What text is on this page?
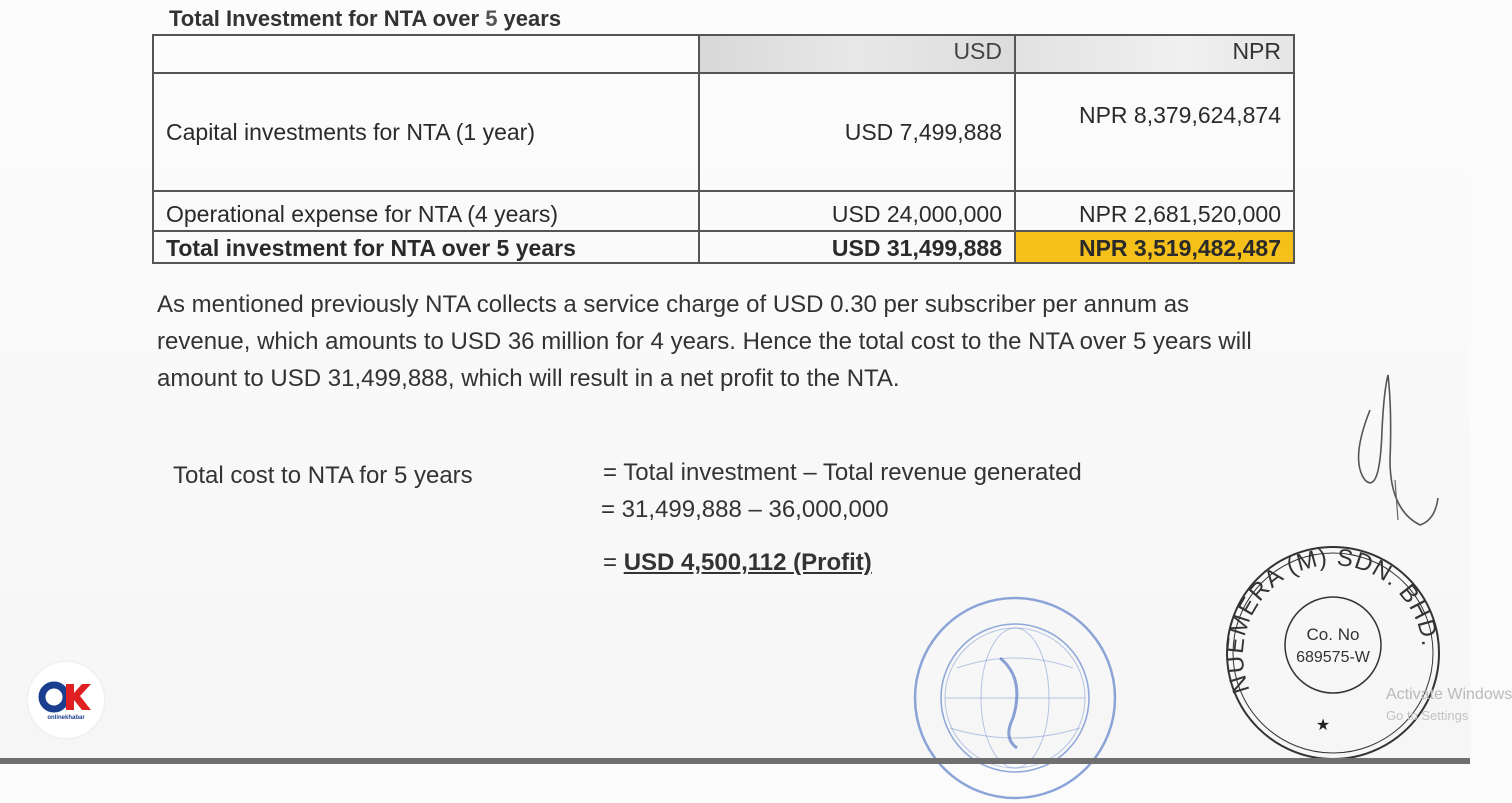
Total Investment for NTA over 5 years
	USD	NPR
Capital investments for NTA (1 year)	USD 7,499,888	NPR 8,379,624,874
Operational expense for NTA (4 years)	USD 24,000,000	NPR 2,681,520,000
Total investment for NTA over 5 years	USD 31,499,888	NPR 3,519,482,487
As mentioned previously NTA collects a service charge of USD 0.30 per subscriber per annum as revenue, which amounts to USD 36 million for 4 years. Hence the total cost to the NTA over 5 years will amount to USD 31,499,888, which will result in a net profit to the NTA.
Total cost to NTA for 5 years	= Total investment – Total revenue generated
= 31,499,888 – 36,000,000
= USD 4,500,112 (Profit)
onlinekhabar
NUEMERA (M) SDN. BHD.
Co. No
689575-W
★
Activate Windows
Go to Settings
